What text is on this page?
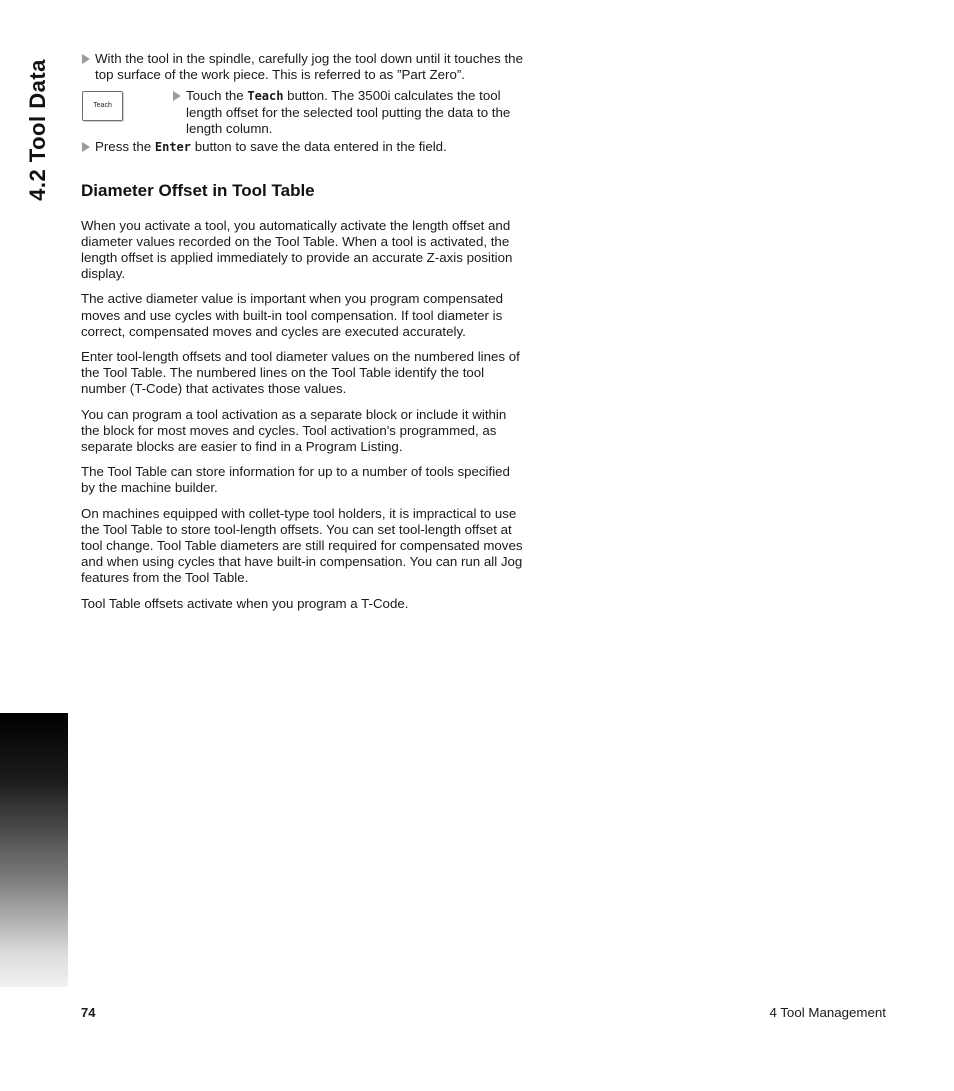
4.2 Tool Data

With the tool in the spindle, carefully jog the tool down until it touches the top surface of the work piece. This is referred to as ”Part Zero”.

Teach

Touch the Teach button. The 3500i calculates the tool length offset for the selected tool putting the data to the length column.

Press the Enter button to save the data entered in the field.

Diameter Offset in Tool Table

When you activate a tool, you automatically activate the length offset and diameter values recorded on the Tool Table. When a tool is activated, the length offset is applied immediately to provide an accurate Z-axis position display.

The active diameter value is important when you program compensated moves and use cycles with built-in tool compensation. If tool diameter is correct, compensated moves and cycles are executed accurately.

Enter tool-length offsets and tool diameter values on the numbered lines of the Tool Table. The numbered lines on the Tool Table identify the tool number (T-Code) that activates those values.

You can program a tool activation as a separate block or include it within the block for most moves and cycles. Tool activation's programmed, as separate blocks are easier to find in a Program Listing.

The Tool Table can store information for up to a number of tools specified by the machine builder.

On machines equipped with collet-type tool holders, it is impractical to use the Tool Table to store tool-length offsets. You can set tool-length offset at tool change. Tool Table diameters are still required for compensated moves and when using cycles that have built-in compensation. You can run all Jog features from the Tool Table.

Tool Table offsets activate when you program a T-Code.

74	4 Tool Management
